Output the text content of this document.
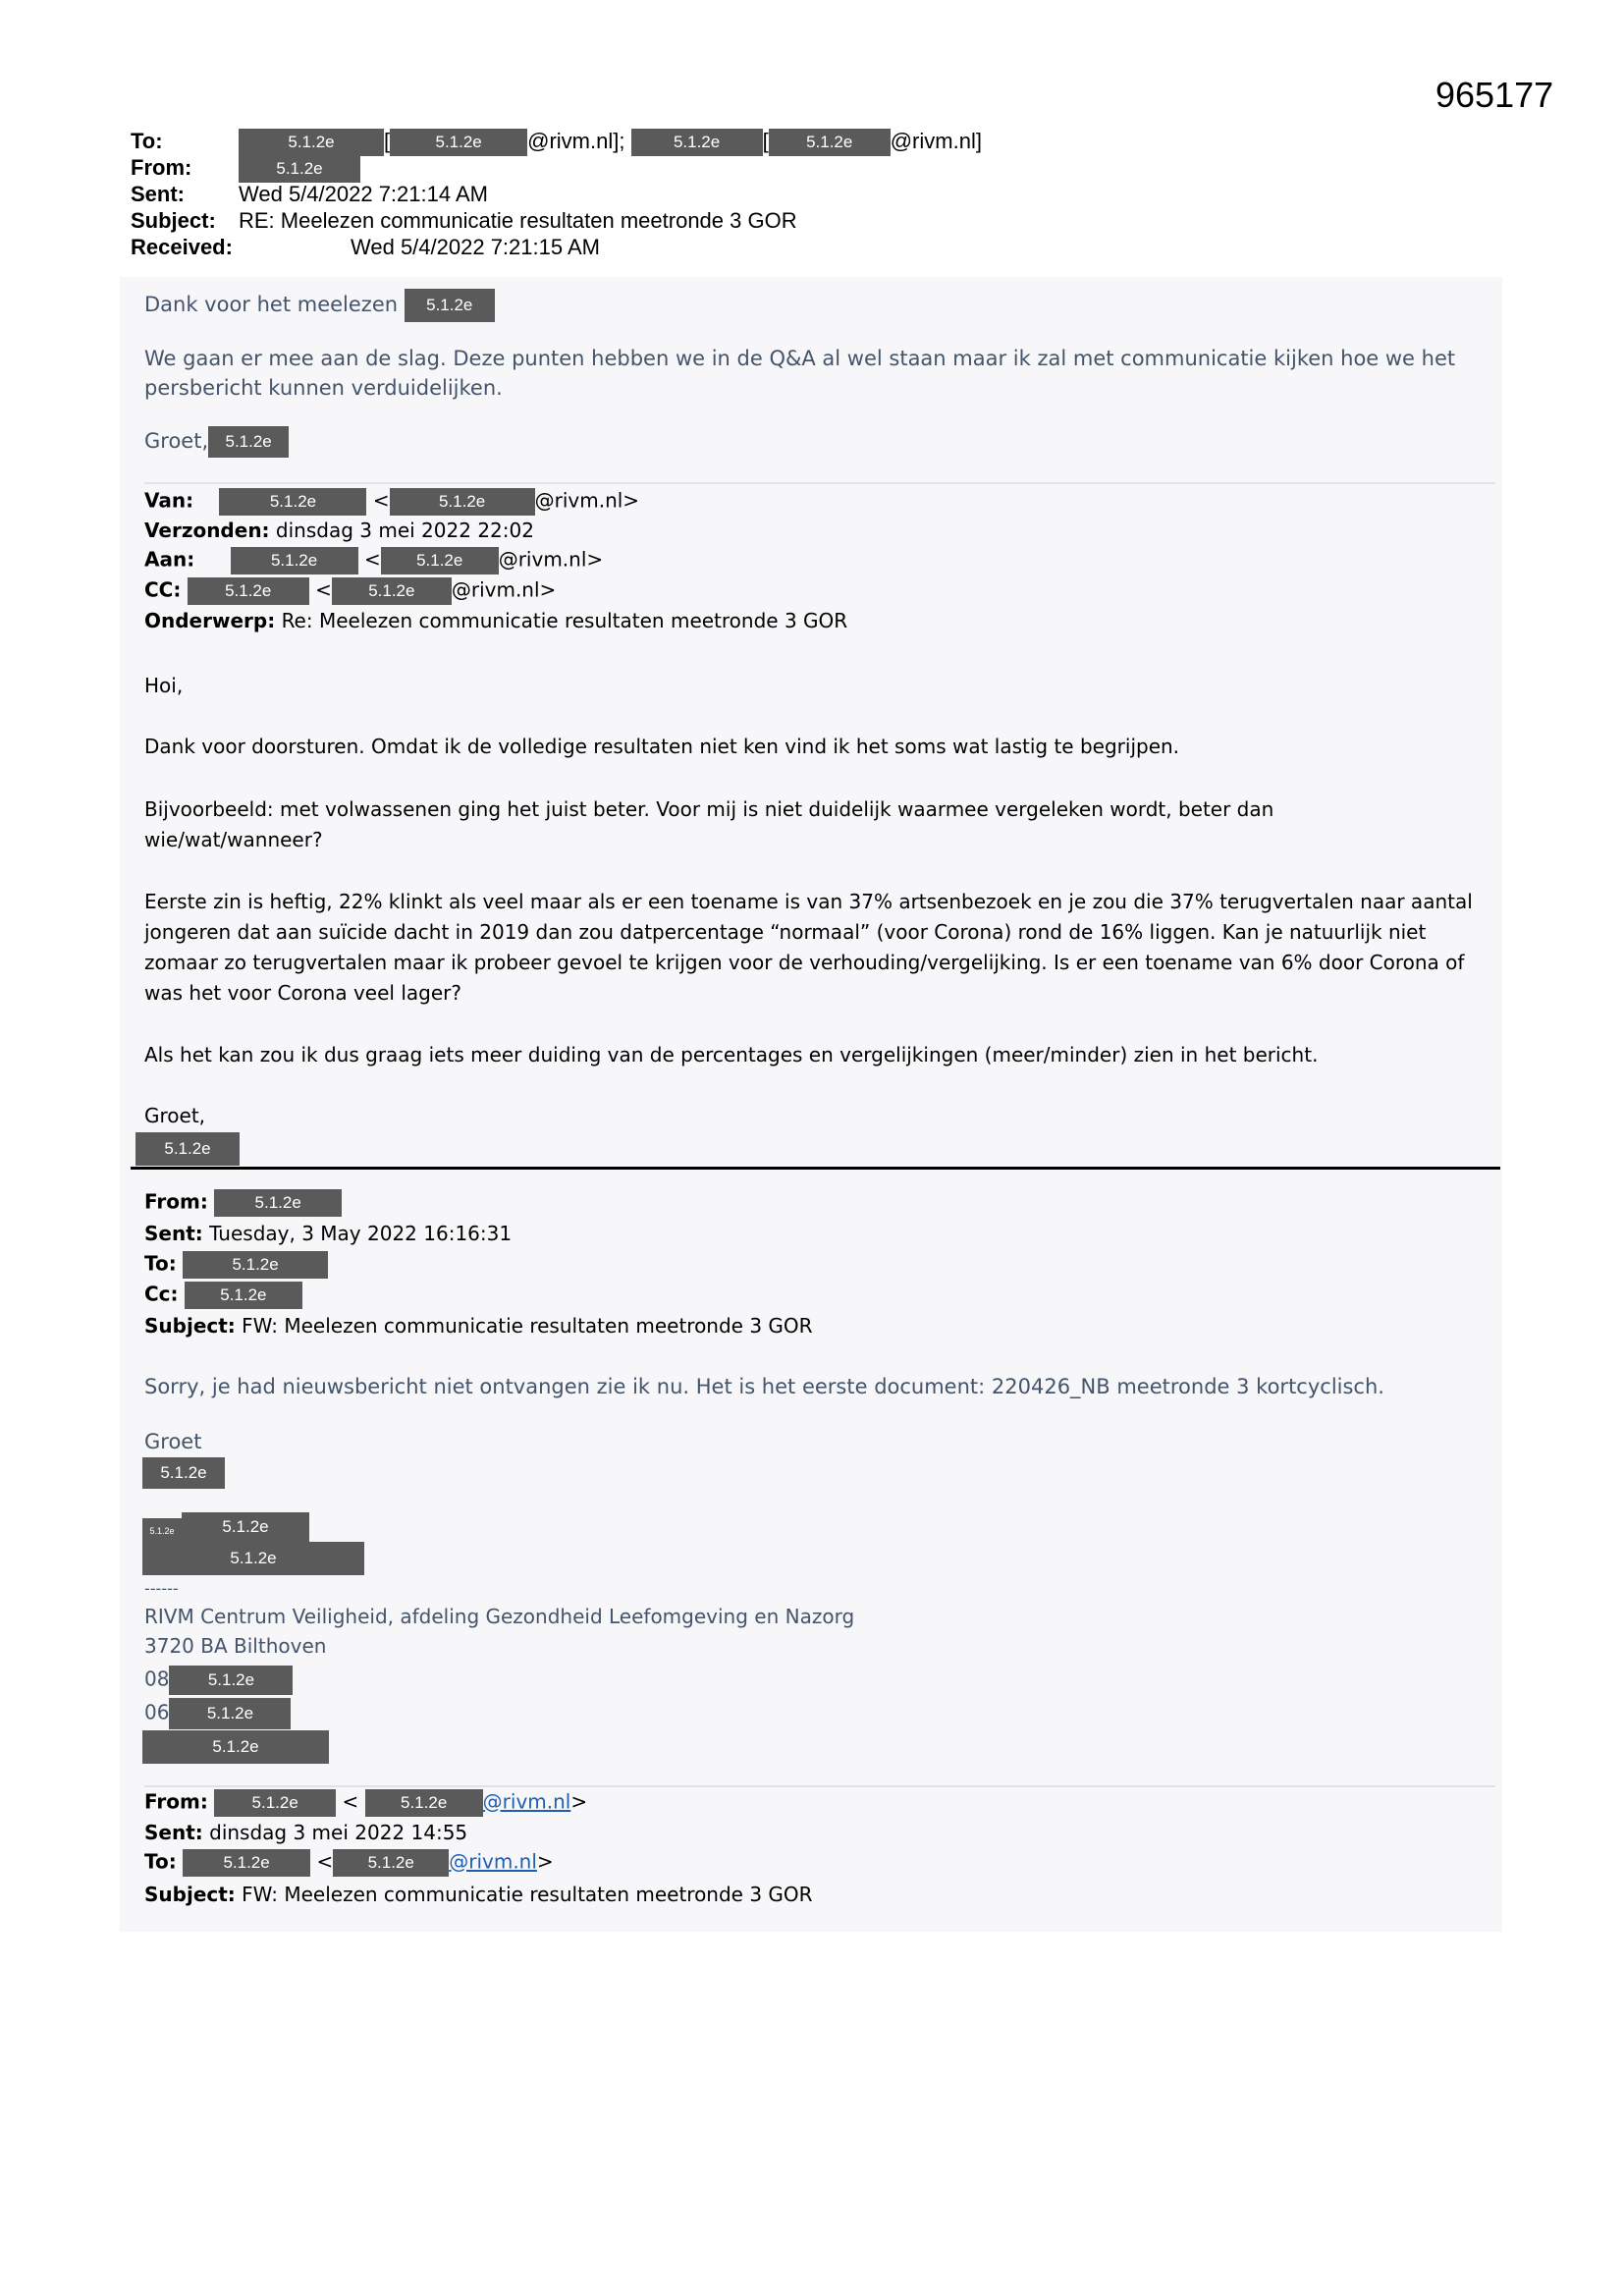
965177
To:	5.1.2e [	5.1.2e @rivm.nl];	5.1.2e [ 5.1.2e @rivm.nl]
From:	5.1.2e
Sent:	Wed 5/4/2022 7:21:14 AM
Subject: RE: Meelezen communicatie resultaten meetronde 3 GOR
Received:	Wed 5/4/2022 7:21:15 AM
Dank voor het meelezen 5.1.2e
We gaan er mee aan de slag. Deze punten hebben we in de Q&A al wel staan maar ik zal met communicatie kijken hoe we het persbericht kunnen verduidelijken.
Groet, 5.1.2e
Van:	5.1.2e	<	5.1.2e	@rivm.nl>
Verzonden: dinsdag 3 mei 2022 22:02
Aan:	5.1.2e < 5.1.2e @rivm.nl>
CC:	5.1.2e < 5.1.2e @rivm.nl>
Onderwerp: Re: Meelezen communicatie resultaten meetronde 3 GOR
Hoi,
Dank voor doorsturen. Omdat ik de volledige resultaten niet ken vind ik het soms wat lastig te begrijpen.
Bijvoorbeeld: met volwassenen ging het juist beter. Voor mij is niet duidelijk waarmee vergeleken wordt, beter dan wie/wat/wanneer?
Eerste zin is heftig, 22% klinkt als veel maar als er een toename is van 37% artsenbezoek en je zou die 37% terugvertalen naar aantal jongeren dat aan suïcide dacht in 2019 dan zou datpercentage “normaal” (voor Corona) rond de 16% liggen. Kan je natuurlijk niet zomaar zo terugvertalen maar ik probeer gevoel te krijgen voor de verhouding/vergelijking. Is er een toename van 6% door Corona of was het voor Corona veel lager?
Als het kan zou ik dus graag iets meer duiding van de percentages en vergelijkingen (meer/minder) zien in het bericht.
Groet,
5.1.2e
From:	5.1.2e
Sent: Tuesday, 3 May 2022 16:16:31
To:	5.1.2e
Cc:	5.1.2e
Subject: FW: Meelezen communicatie resultaten meetronde 3 GOR
Sorry, je had nieuwsbericht niet ontvangen zie ik nu. Het is het eerste document: 220426_NB meetronde 3 kortcyclisch.
Groet
5.1.2e
5.1.2e	5.1.2e
5.1.2e
------
RIVM Centrum Veiligheid, afdeling Gezondheid Leefomgeving en Nazorg
3720 BA Bilthoven
08 5.1.2e
06 5.1.2e
5.1.2e
From:	5.1.2e <	5.1.2e @rivm.nl>
Sent: dinsdag 3 mei 2022 14:55
To:	5.1.2e < 5.1.2e @rivm.nl>
Subject: FW: Meelezen communicatie resultaten meetronde 3 GOR
